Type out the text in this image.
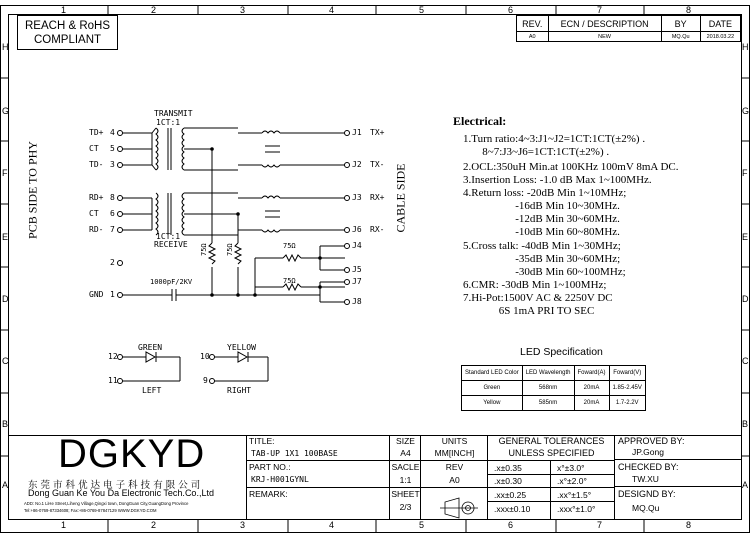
1	2	3	4	5	6	7	8
1	2	3	4	5	6	7	8
H
G
F
E
D
C
B
A
H
G
F
E
D
C
B
A
REACH & RoHS
COMPLIANT
REV.	ECN / DESCRIPTION	BY	DATE
A0	NEW	MQ.Qu	2018.03.22
PCB SIDE TO PHY	CABLE SIDE
TRANSMIT
1CT:1
1CT:1
RECEIVE
TD+ 4
CT 5
TD- 3
RD+ 8
CT 6
RD- 7
2
GND 1
J1 TX+
J2 TX-
J3 RX+
J6 RX-
J4
J5
J7
J8
75Ω	75Ω	75Ω
75Ω
1000pF/2KV
GREEN
12
11
LEFT
YELLOW
10
9
RIGHT
Electrical:
1.Turn ratio:4~3:J1~J2=1CT:1CT(±2%) .
8~7:J3~J6=1CT:1CT(±2%) .
2.OCL:350uH Min.at 100KHz 100mV 8mA DC.
3.Insertion Loss: -1.0 dB Max 1~100MHz.
4.Return loss: -20dB Min 1~10MHz;
-16dB Min 10~30MHz.
-12dB Min 30~60MHz.
-10dB Min 60~80MHz.
5.Cross talk: -40dB Min 1~30MHz;
-35dB Min 30~60MHz;
-30dB Min 60~100MHz;
6.CMR: -30dB Min 1~100MHz;
7.Hi-Pot:1500V AC & 2250V DC
6S 1mA PRI TO SEC
LED Specification
Standard LED Color	LED Wavelength	Foward(A)	Foward(V)
Green	568nm	20mA	1.85-2.45V
Yellow	585nm	20mA	1.7-2.2V
DGKYD
东 莞 市 科 优 达 电 子 科 技 有 限 公 司
Dong Guan Ke You Da Electronic Tech.Co.,Ltd
ADD: No.1 LiHe Street,Liheng Village,Qingxi town, DongGuan City,GuangDong Province
Tel:+86-0769-87334608; Fax:+86-0769-87847129 WWW.DGKYD.COM
TITLE:
TAB-UP 1X1 100BASE
PART NO.:
KRJ-H001GYNL
REMARK:
SIZE
A4
UNITS
MM[INCH]
SACLE
1:1
REV
A0
SHEET
2/3
GENERAL TOLERANCES
UNLESS SPECIFIED
.x±0.35	x°±3.0°
.x±0.30	.x°±2.0°
.xx±0.25	.xx°±1.5°
.xxx±0.10	.xxx°±1.0°
APPROVED BY:
JP.Gong
CHECKED BY:
TW.XU
DESIGND BY:
MQ.Qu
